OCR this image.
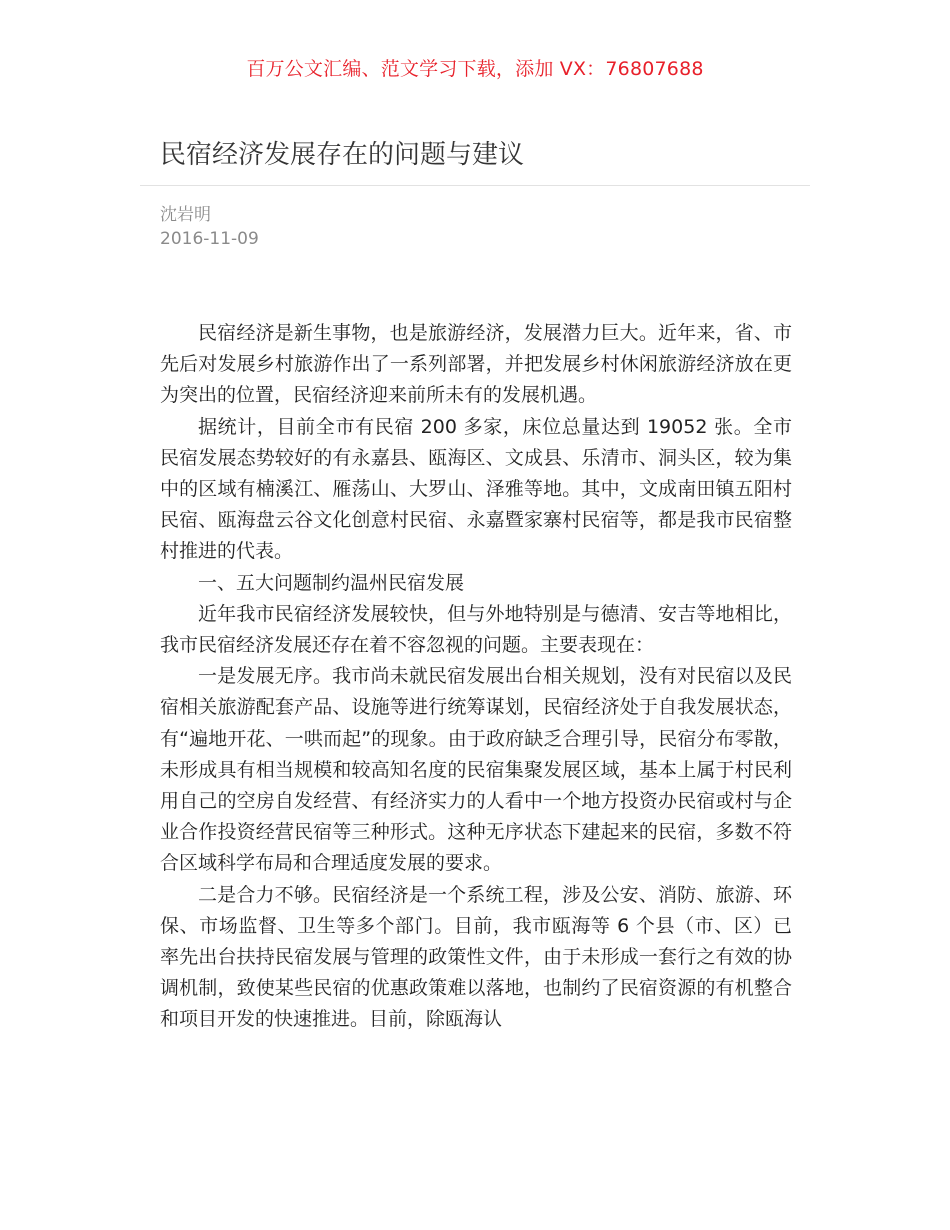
百万公文汇编、范文学习下载，添加 VX：76807688
民宿经济发展存在的问题与建议
沈岩明
2016-11-09

民宿经济是新生事物，也是旅游经济，发展潜力巨大。近年来，省、市先后对发展乡村旅游作出了一系列部署，并把发展乡村休闲旅游经济放在更为突出的位置，民宿经济迎来前所未有的发展机遇。

据统计，目前全市有民宿 200 多家，床位总量达到 19052 张。全市民宿发展态势较好的有永嘉县、瓯海区、文成县、乐清市、洞头区，较为集中的区域有楠溪江、雁荡山、大罗山、泽雅等地。其中，文成南田镇五阳村民宿、瓯海盘云谷文化创意村民宿、永嘉暨家寨村民宿等，都是我市民宿整村推进的代表。

一、五大问题制约温州民宿发展

近年我市民宿经济发展较快，但与外地特别是与德清、安吉等地相比，我市民宿经济发展还存在着不容忽视的问题。主要表现在：

一是发展无序。我市尚未就民宿发展出台相关规划，没有对民宿以及民宿相关旅游配套产品、设施等进行统筹谋划，民宿经济处于自我发展状态，有“遍地开花、一哄而起”的现象。由于政府缺乏合理引导，民宿分布零散，未形成具有相当规模和较高知名度的民宿集聚发展区域，基本上属于村民利用自己的空房自发经营、有经济实力的人看中一个地方投资办民宿或村与企业合作投资经营民宿等三种形式。这种无序状态下建起来的民宿，多数不符合区域科学布局和合理适度发展的要求。

二是合力不够。民宿经济是一个系统工程，涉及公安、消防、旅游、环保、市场监督、卫生等多个部门。目前，我市瓯海等 6 个县（市、区）已率先出台扶持民宿发展与管理的政策性文件，由于未形成一套行之有效的协调机制，致使某些民宿的优惠政策难以落地，也制约了民宿资源的有机整合和项目开发的快速推进。目前，除瓯海认
